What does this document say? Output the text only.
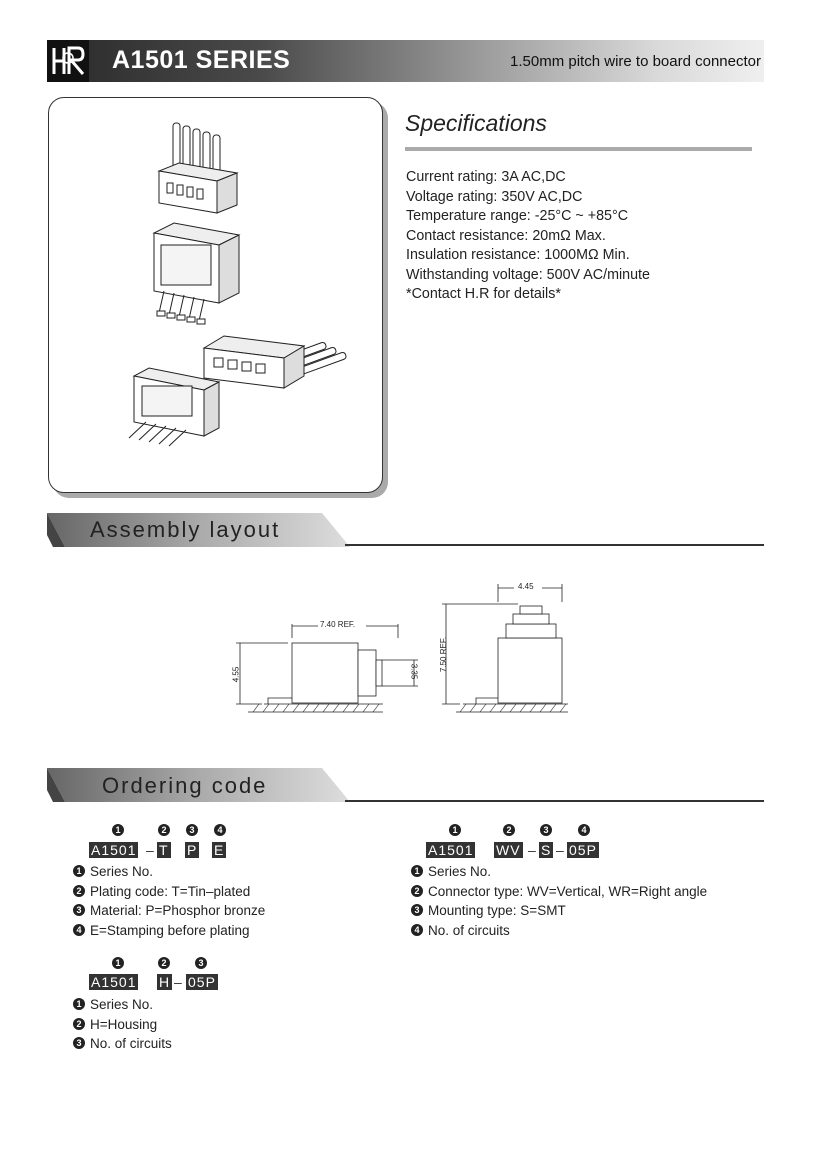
A1501 SERIES	1.50mm pitch wire to board connector
Specifications
Current rating: 3A AC,DC
Voltage rating: 350V AC,DC
Temperature range: -25°C ~ +85°C
Contact resistance: 20mΩ Max.
Insulation resistance: 1000MΩ Min.
Withstanding voltage: 500V AC/minute
*Contact H.R for details*
Assembly layout
7.40 REF.
4.55	3.35
4.45
7.50 REF.
Ordering code
1	2	3	4
A1501 – T P E
1 Series No.
2 Plating code: T=Tin–plated
3 Material: P=Phosphor bronze
4 E=Stamping before plating
1	2	3
A1501 H – 05P
1 Series No.
2 H=Housing
3 No. of circuits
1	2	3	4
A1501 WV – S – 05P
1 Series No.
2 Connector type: WV=Vertical, WR=Right angle
3 Mounting type: S=SMT
4 No. of circuits
